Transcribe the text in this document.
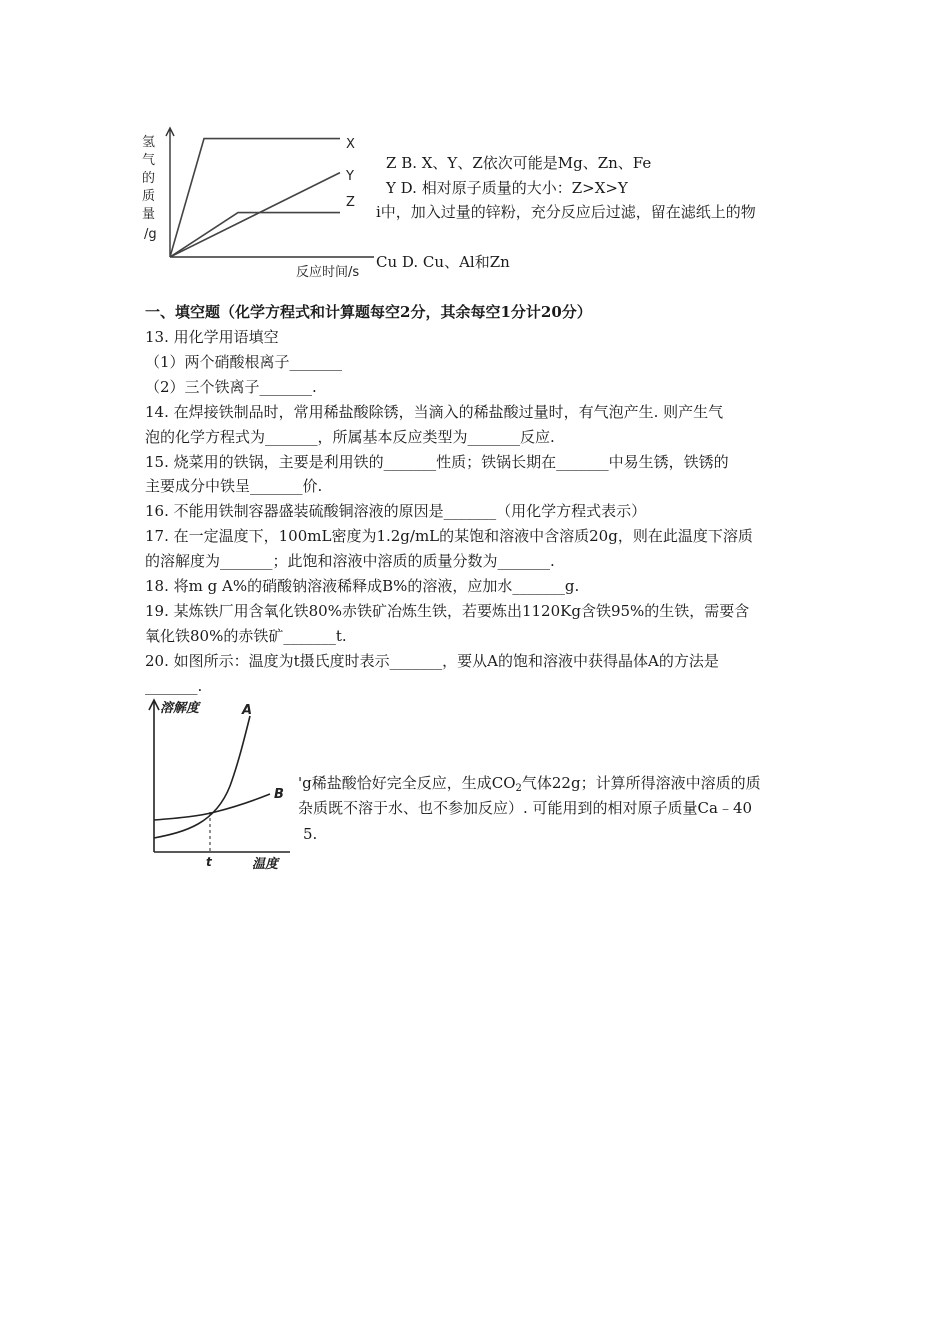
氢
气
的
质
量
/g
X
Y
Z
反应时间/s
Z B. X、Y、Z依次可能是Mg、Zn、Fe
Y D. 相对原子质量的大小：Z>X>Y
i中，加入过量的锌粉，充分反应后过滤，留在滤纸上的物
Cu D. Cu、Al和Zn
一、填空题（化学方程式和计算题每空2分，其余每空1分计20分）
13. 用化学用语填空
（1）两个硝酸根离子_______
（2）三个铁离子_______.
14. 在焊接铁制品时，常用稀盐酸除锈，当滴入的稀盐酸过量时，有气泡产生. 则产生气
泡的化学方程式为_______，所属基本反应类型为_______反应.
15. 烧菜用的铁锅，主要是利用铁的_______性质；铁锅长期在_______中易生锈，铁锈的
主要成分中铁呈_______价.
16. 不能用铁制容器盛装硫酸铜溶液的原因是_______（用化学方程式表示）
17. 在一定温度下，100mL密度为1.2g/mL的某饱和溶液中含溶质20g，则在此温度下溶质
的溶解度为_______；此饱和溶液中溶质的质量分数为_______.
18. 将m g A%的硝酸钠溶液稀释成B%的溶液，应加水_______g.
19. 某炼铁厂用含氧化铁80%赤铁矿冶炼生铁，若要炼出1120Kg含铁95%的生铁，需要含
氧化铁80%的赤铁矿_______t.
20. 如图所示：温度为t摄氏度时表示_______，要从A的饱和溶液中获得晶体A的方法是
_______.
溶解度	A
B
t	温度
'g稀盐酸恰好完全反应，生成$CO_2$气体22g；计算所得溶液中溶质的质
杂质既不溶于水、也不参加反应）. 可能用到的相对原子质量Ca﹣40
5.
